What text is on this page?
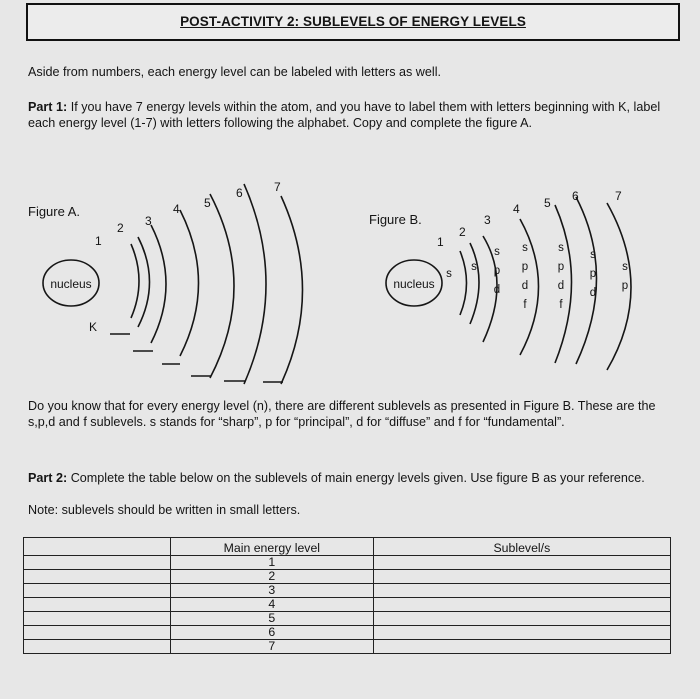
POST-ACTIVITY 2: SUBLEVELS OF ENERGY LEVELS
Aside from numbers, each energy level can be labeled with letters as well.
Part 1: If you have 7 energy levels within the atom, and you have to label them with letters beginning with K, label each energy level (1-7) with letters following the alphabet. Copy and complete the figure A.
Figure A.
nucleus
K
1
2 3
4 5
6	7
Figure B.
nucleus
1
2
3
4 5 6	7
s
s
s
p
d
s
p
d
f
s
p
d
f
s
p
d
s
p
Do you know that for every energy level (n), there are different sublevels as presented in Figure B. These are the s,p,d and f sublevels. s stands for “sharp”, p for “principal”, d for “diffuse” and f for “fundamental”.
Part 2: Complete the table below on the sublevels of main energy levels given. Use figure B as your reference.
Note: sublevels should be written in small letters.
	Main energy level	Sublevel/s
	1	
	2	
	3	
	4	
	5	
	6	
	7	
